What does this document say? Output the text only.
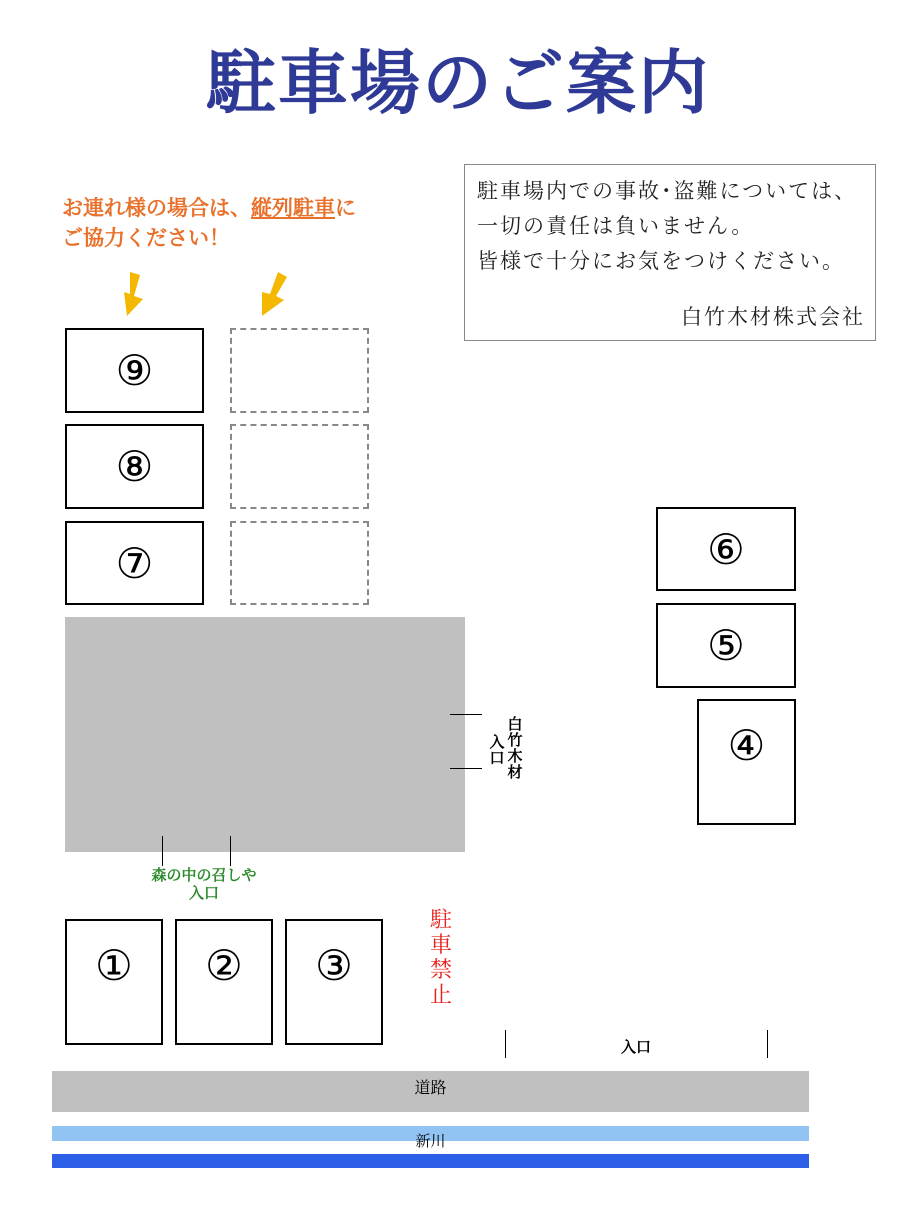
駐車場のご案内
駐車場内での事故･盗難については、
一切の責任は負いません。
皆様で十分にお気をつけください。
白竹木材株式会社
お連れ様の場合は、縦列駐車に
ご協力ください！
⑨
⑧
⑦	⑥
⑤
④
入
口
白
竹
木
材
森の中の召しや
入口
① ② ③
駐
車
禁
止
入口
道路
新川
